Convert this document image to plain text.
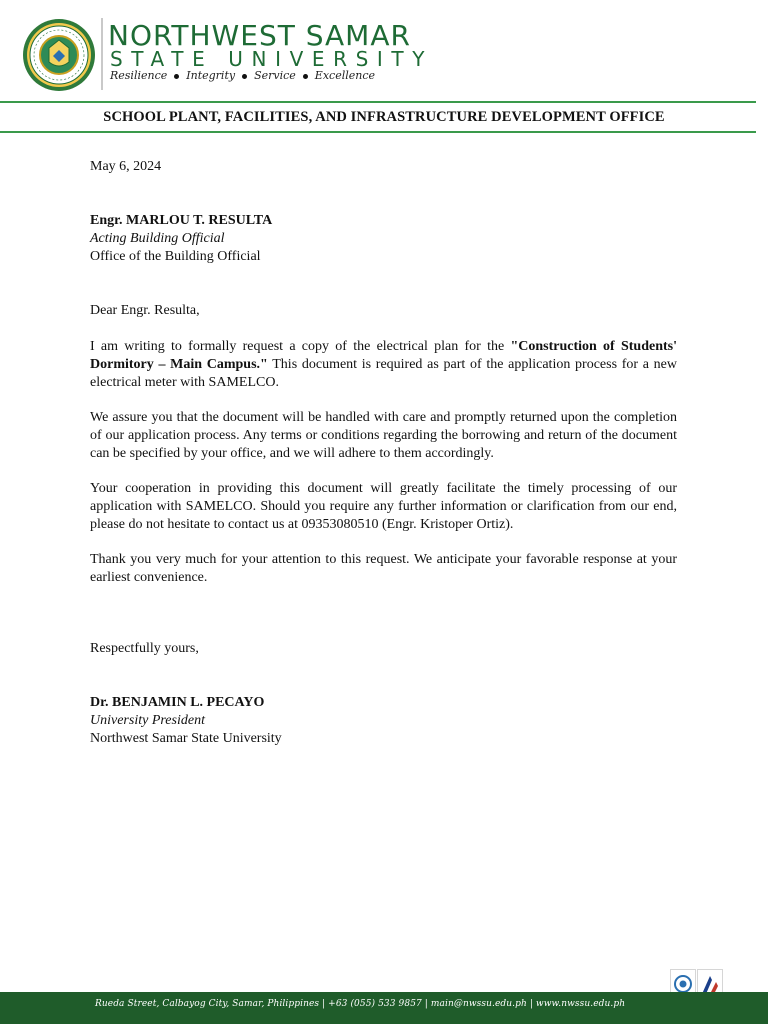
NORTHWEST SAMAR
STATE UNIVERSITY
Resilience Integrity Service Excellence
SCHOOL PLANT, FACILITIES, AND INFRASTRUCTURE DEVELOPMENT OFFICE

May 6, 2024

Engr. MARLOU T. RESULTA

Acting Building Official

Office of the Building Official

Dear Engr. Resulta,

I am writing to formally request a copy of the electrical plan for the "Construction of Students' Dormitory – Main Campus." This document is required as part of the application process for a new electrical meter with SAMELCO.

We assure you that the document will be handled with care and promptly returned upon the completion of our application process. Any terms or conditions regarding the borrowing and return of the document can be specified by your office, and we will adhere to them accordingly.

Your cooperation in providing this document will greatly facilitate the timely processing of our application with SAMELCO. Should you require any further information or clarification from our end, please do not hesitate to contact us at 09353080510 (Engr. Kristoper Ortiz).

Thank you very much for your attention to this request. We anticipate your favorable response at your earliest convenience.

Respectfully yours,

Dr. BENJAMIN L. PECAYO

University President

Northwest Samar State University

Rueda Street, Calbayog City, Samar, Philippines | +63 (055) 533 9857 | main@nwssu.edu.ph | www.nwssu.edu.ph
